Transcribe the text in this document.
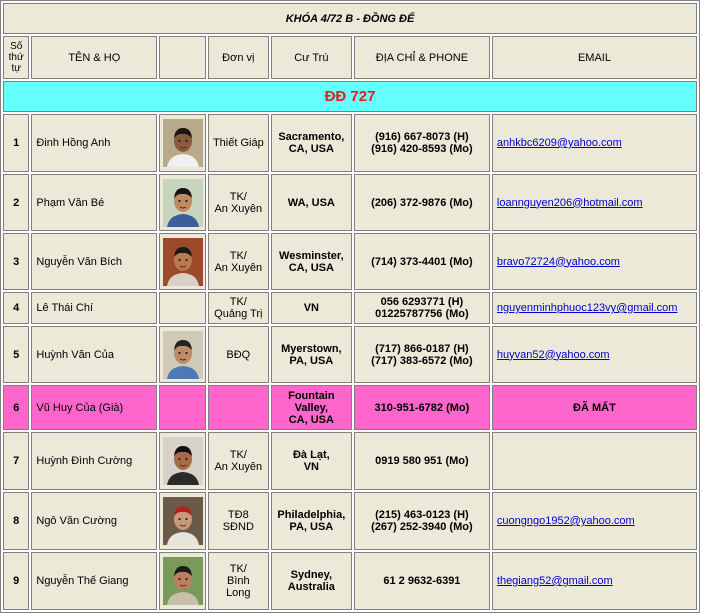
KHÓA 4/72 B - ĐỒNG ĐẾ						
Số thứ tự	TÊN & HỌ		Đơn vị	Cư Trú	ĐỊA CHỈ & PHONE	EMAIL
ĐĐ 727						
1	Đinh Hồng Anh		Thiết Giáp	Sacramento,
CA, USA	(916) 667-8073 (H)
(916) 420-8593 (Mo)	anhkbc6209@yahoo.com
2	Phạm Văn Bé		TK/
An Xuyên	WA, USA	(206) 372-9876 (Mo)	loannguyen206@hotmail.com
3	Nguyễn Văn Bích		TK/
An Xuyên	Wesminster,
CA, USA	(714) 373-4401 (Mo)	bravo72724@yahoo.com
4	Lê Thái Chí		TK/
Quảng Trị	VN	056 6293771 (H)
01225787756 (Mo)	nguyenminhphuoc123vy@gmail.com
5	Huỳnh Văn Của		BĐQ	Myerstown,
PA, USA	(717) 866-0187 (H)
(717) 383-6572 (Mo)	huyvan52@yahoo.com
6	Vũ Huy Của (Già)			Fountain
Valley,
CA, USA	310-951-6782 (Mo)	ĐÃ MẤT
7	Huỳnh Đình Cường		TK/
An Xuyên	Đà Lạt,
VN	0919 580 951 (Mo)	
8	Ngô Văn Cường		TĐ8
SĐND	Philadelphia,
PA, USA	(215) 463-0123 (H)
(267) 252-3940 (Mo)	cuongngo1952@yahoo.com
9	Nguyễn Thế Giang		TK/
Bình
Long	Sydney,
Australia	61 2 9632-6391	thegiang52@gmail.com
